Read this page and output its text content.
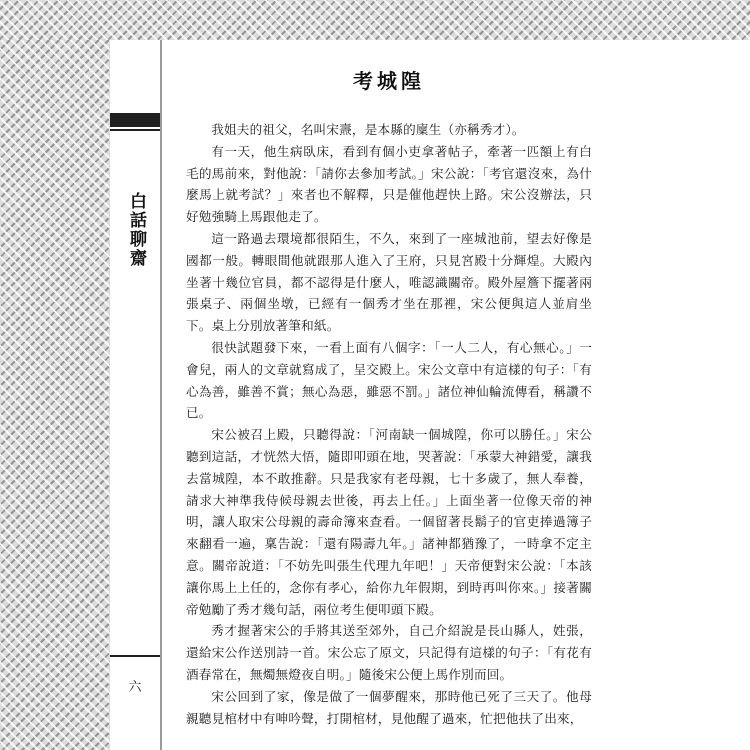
白話聊齋
六
考城隍

我姐夫的祖父，名叫宋燾，是本縣的廩生（亦稱秀才）。

有一天，他生病臥床，看到有個小吏拿著帖子，牽著一匹額上有白毛的馬前來，對他說：「請你去參加考試。」宋公說：「考官還沒來，為什麼馬上就考試？」來者也不解釋，只是催他趕快上路。宋公沒辦法，只好勉強騎上馬跟他走了。

這一路過去環境都很陌生，不久，來到了一座城池前，望去好像是國都一般。轉眼間他就跟那人進入了王府，只見宮殿十分輝煌。大殿內坐著十幾位官員，都不認得是什麼人，唯認識關帝。殿外屋簷下擺著兩張桌子、兩個坐墩，已經有一個秀才坐在那裡，宋公便與這人並肩坐下。桌上分別放著筆和紙。

很快試題發下來，一看上面有八個字：「一人二人，有心無心。」一會兒，兩人的文章就寫成了，呈交殿上。宋公文章中有這樣的句子：「有心為善，雖善不賞；無心為惡，雖惡不罰。」諸位神仙輪流傳看，稱讚不已。

宋公被召上殿，只聽得說：「河南缺一個城隍，你可以勝任。」宋公聽到這話，才恍然大悟，隨即叩頭在地，哭著說：「承蒙大神錯愛，讓我去當城隍，本不敢推辭。只是我家有老母親，七十多歲了，無人奉養，請求大神準我侍候母親去世後，再去上任。」上面坐著一位像天帝的神明，讓人取宋公母親的壽命簿來查看。一個留著長鬍子的官吏捧過簿子來翻看一遍，稟告說：「還有陽壽九年。」諸神都猶豫了，一時拿不定主意。關帝說道：「不妨先叫張生代理九年吧！」天帝便對宋公說：「本該讓你馬上上任的，念你有孝心，給你九年假期，到時再叫你來。」接著關帝勉勵了秀才幾句話，兩位考生便叩頭下殿。

秀才握著宋公的手將其送至郊外，自己介紹說是長山縣人，姓張，還給宋公作送別詩一首。宋公忘了原文，只記得有這樣的句子：「有花有酒春常在，無燭無燈夜自明。」隨後宋公便上馬作別而回。

宋公回到了家，像是做了一個夢醒來，那時他已死了三天了。他母親聽見棺材中有呻吟聲，打開棺材，見他醒了過來，忙把他扶了出來，
